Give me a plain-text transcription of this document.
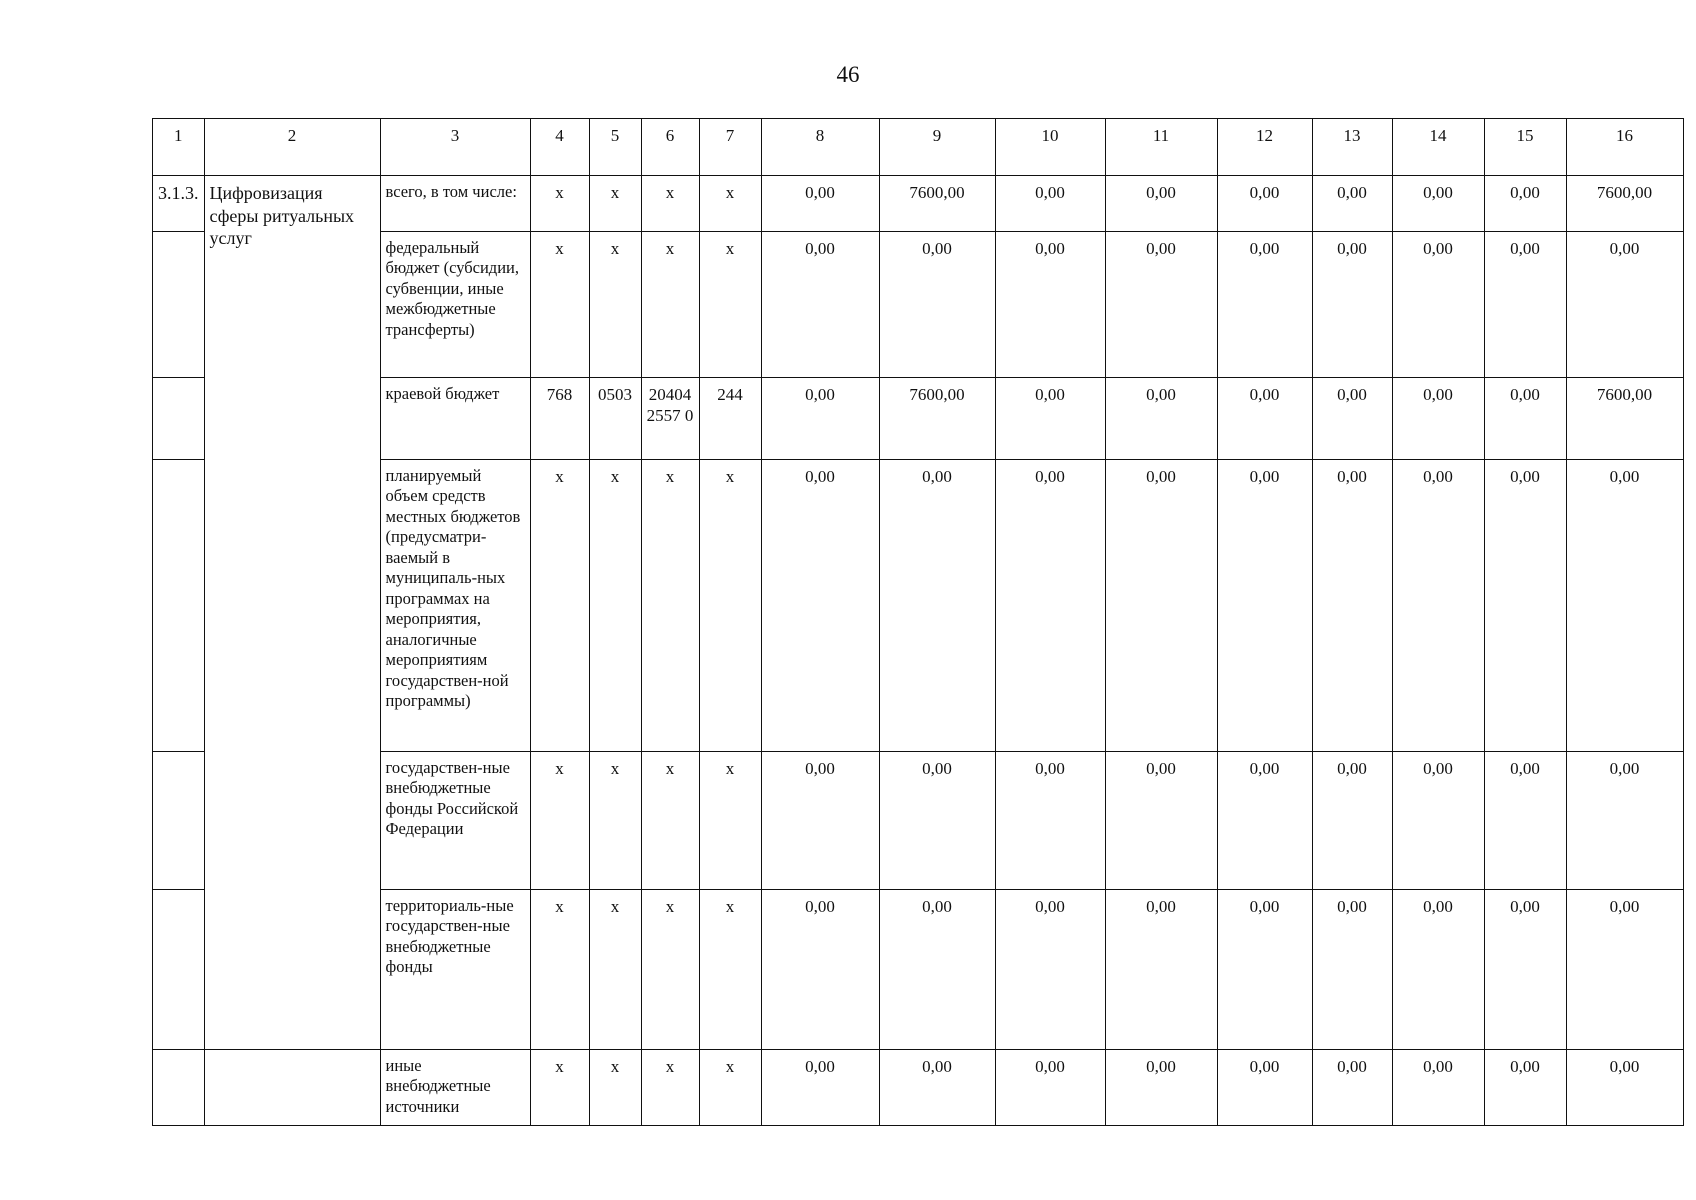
46
1	2	3	4	5	6	7	8	9	10	11	12	13	14	15	16
3.1.3.	Цифровизация сферы ритуальных услуг	всего, в том числе:	x	x	x	x	0,00	7600,00	0,00	0,00	0,00	0,00	0,00	0,00	7600,00
		федеральный бюджет (субсидии, субвенции, иные межбюджетные трансферты)	x	x	x	x	0,00	0,00	0,00	0,00	0,00	0,00	0,00	0,00	0,00
		краевой бюджет	768	0503	204042557 0	244	0,00	7600,00	0,00	0,00	0,00	0,00	0,00	0,00	7600,00
		планируемый объем средств местных бюджетов (предусматри-ваемый в муниципаль-ных программах на мероприятия, аналогичные мероприятиям государствен-ной программы)	x	x	x	x	0,00	0,00	0,00	0,00	0,00	0,00	0,00	0,00	0,00
		государствен-ные внебюджетные фонды Российской Федерации	x	x	x	x	0,00	0,00	0,00	0,00	0,00	0,00	0,00	0,00	0,00
		территориаль-ные государствен-ные внебюджетные фонды	x	x	x	x	0,00	0,00	0,00	0,00	0,00	0,00	0,00	0,00	0,00
		иные внебюджетные источники	x	x	x	x	0,00	0,00	0,00	0,00	0,00	0,00	0,00	0,00	0,00
